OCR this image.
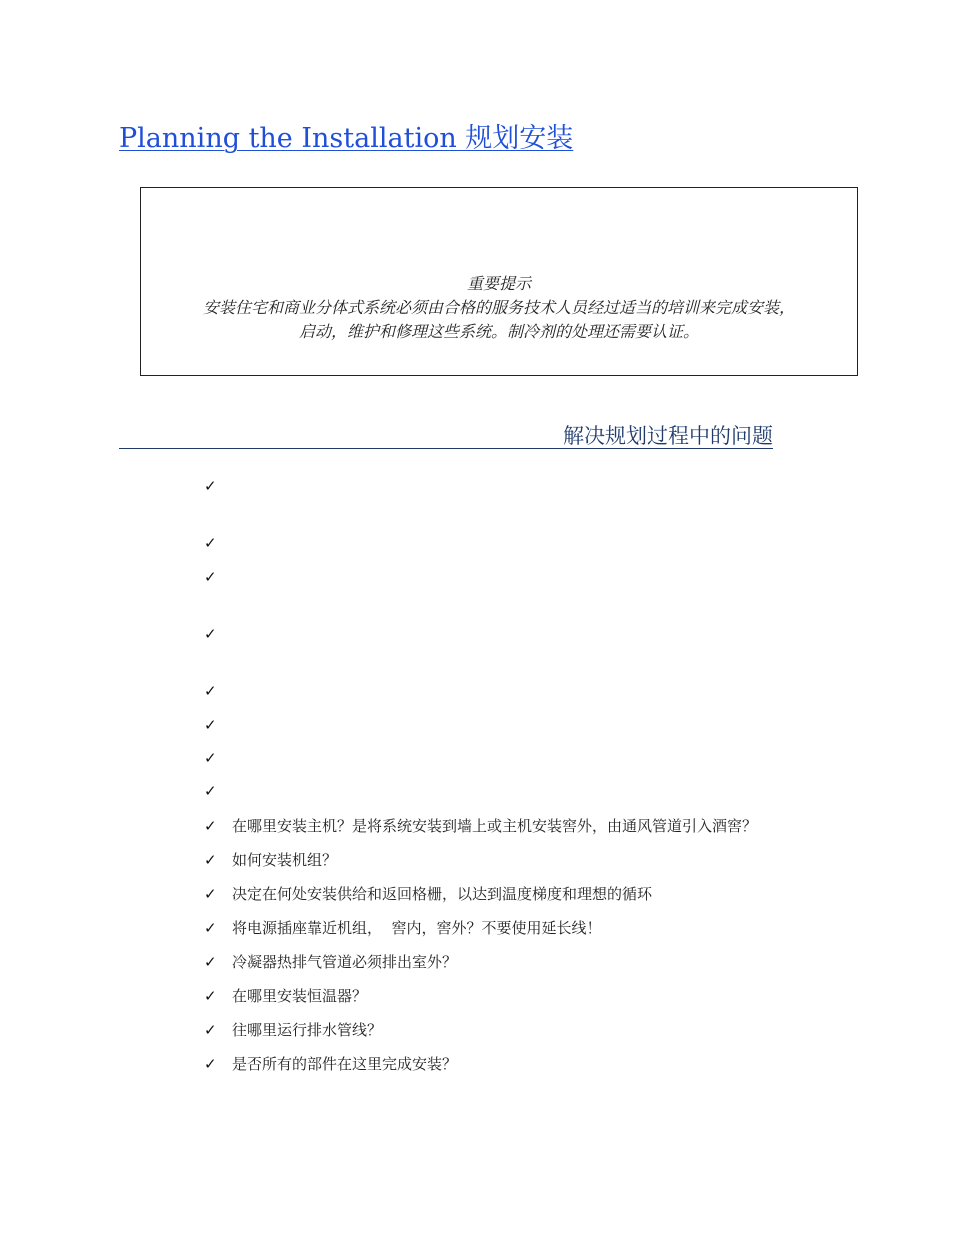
Planning the Installation 规划安装
重要提示
安装住宅和商业分体式系统必须由合格的服务技术人员经过适当的培训来完成安装，
启动，维护和修理这些系统。制冷剂的处理还需要认证。
解决规划过程中的问题
✓
✓
✓
✓
✓
✓
✓
✓
✓ 在哪里安装主机？是将系统安装到墙上或主机安装窖外，由通风管道引入酒窖？
✓ 如何安装机组？
✓ 决定在何处安装供给和返回格栅，以达到温度梯度和理想的循环
✓ 将电源插座靠近机组，  窖内，窖外？不要使用延长线！
✓ 冷凝器热排气管道必须排出室外？
✓ 在哪里安装恒温器？
✓ 往哪里运行排水管线？
✓ 是否所有的部件在这里完成安装？
